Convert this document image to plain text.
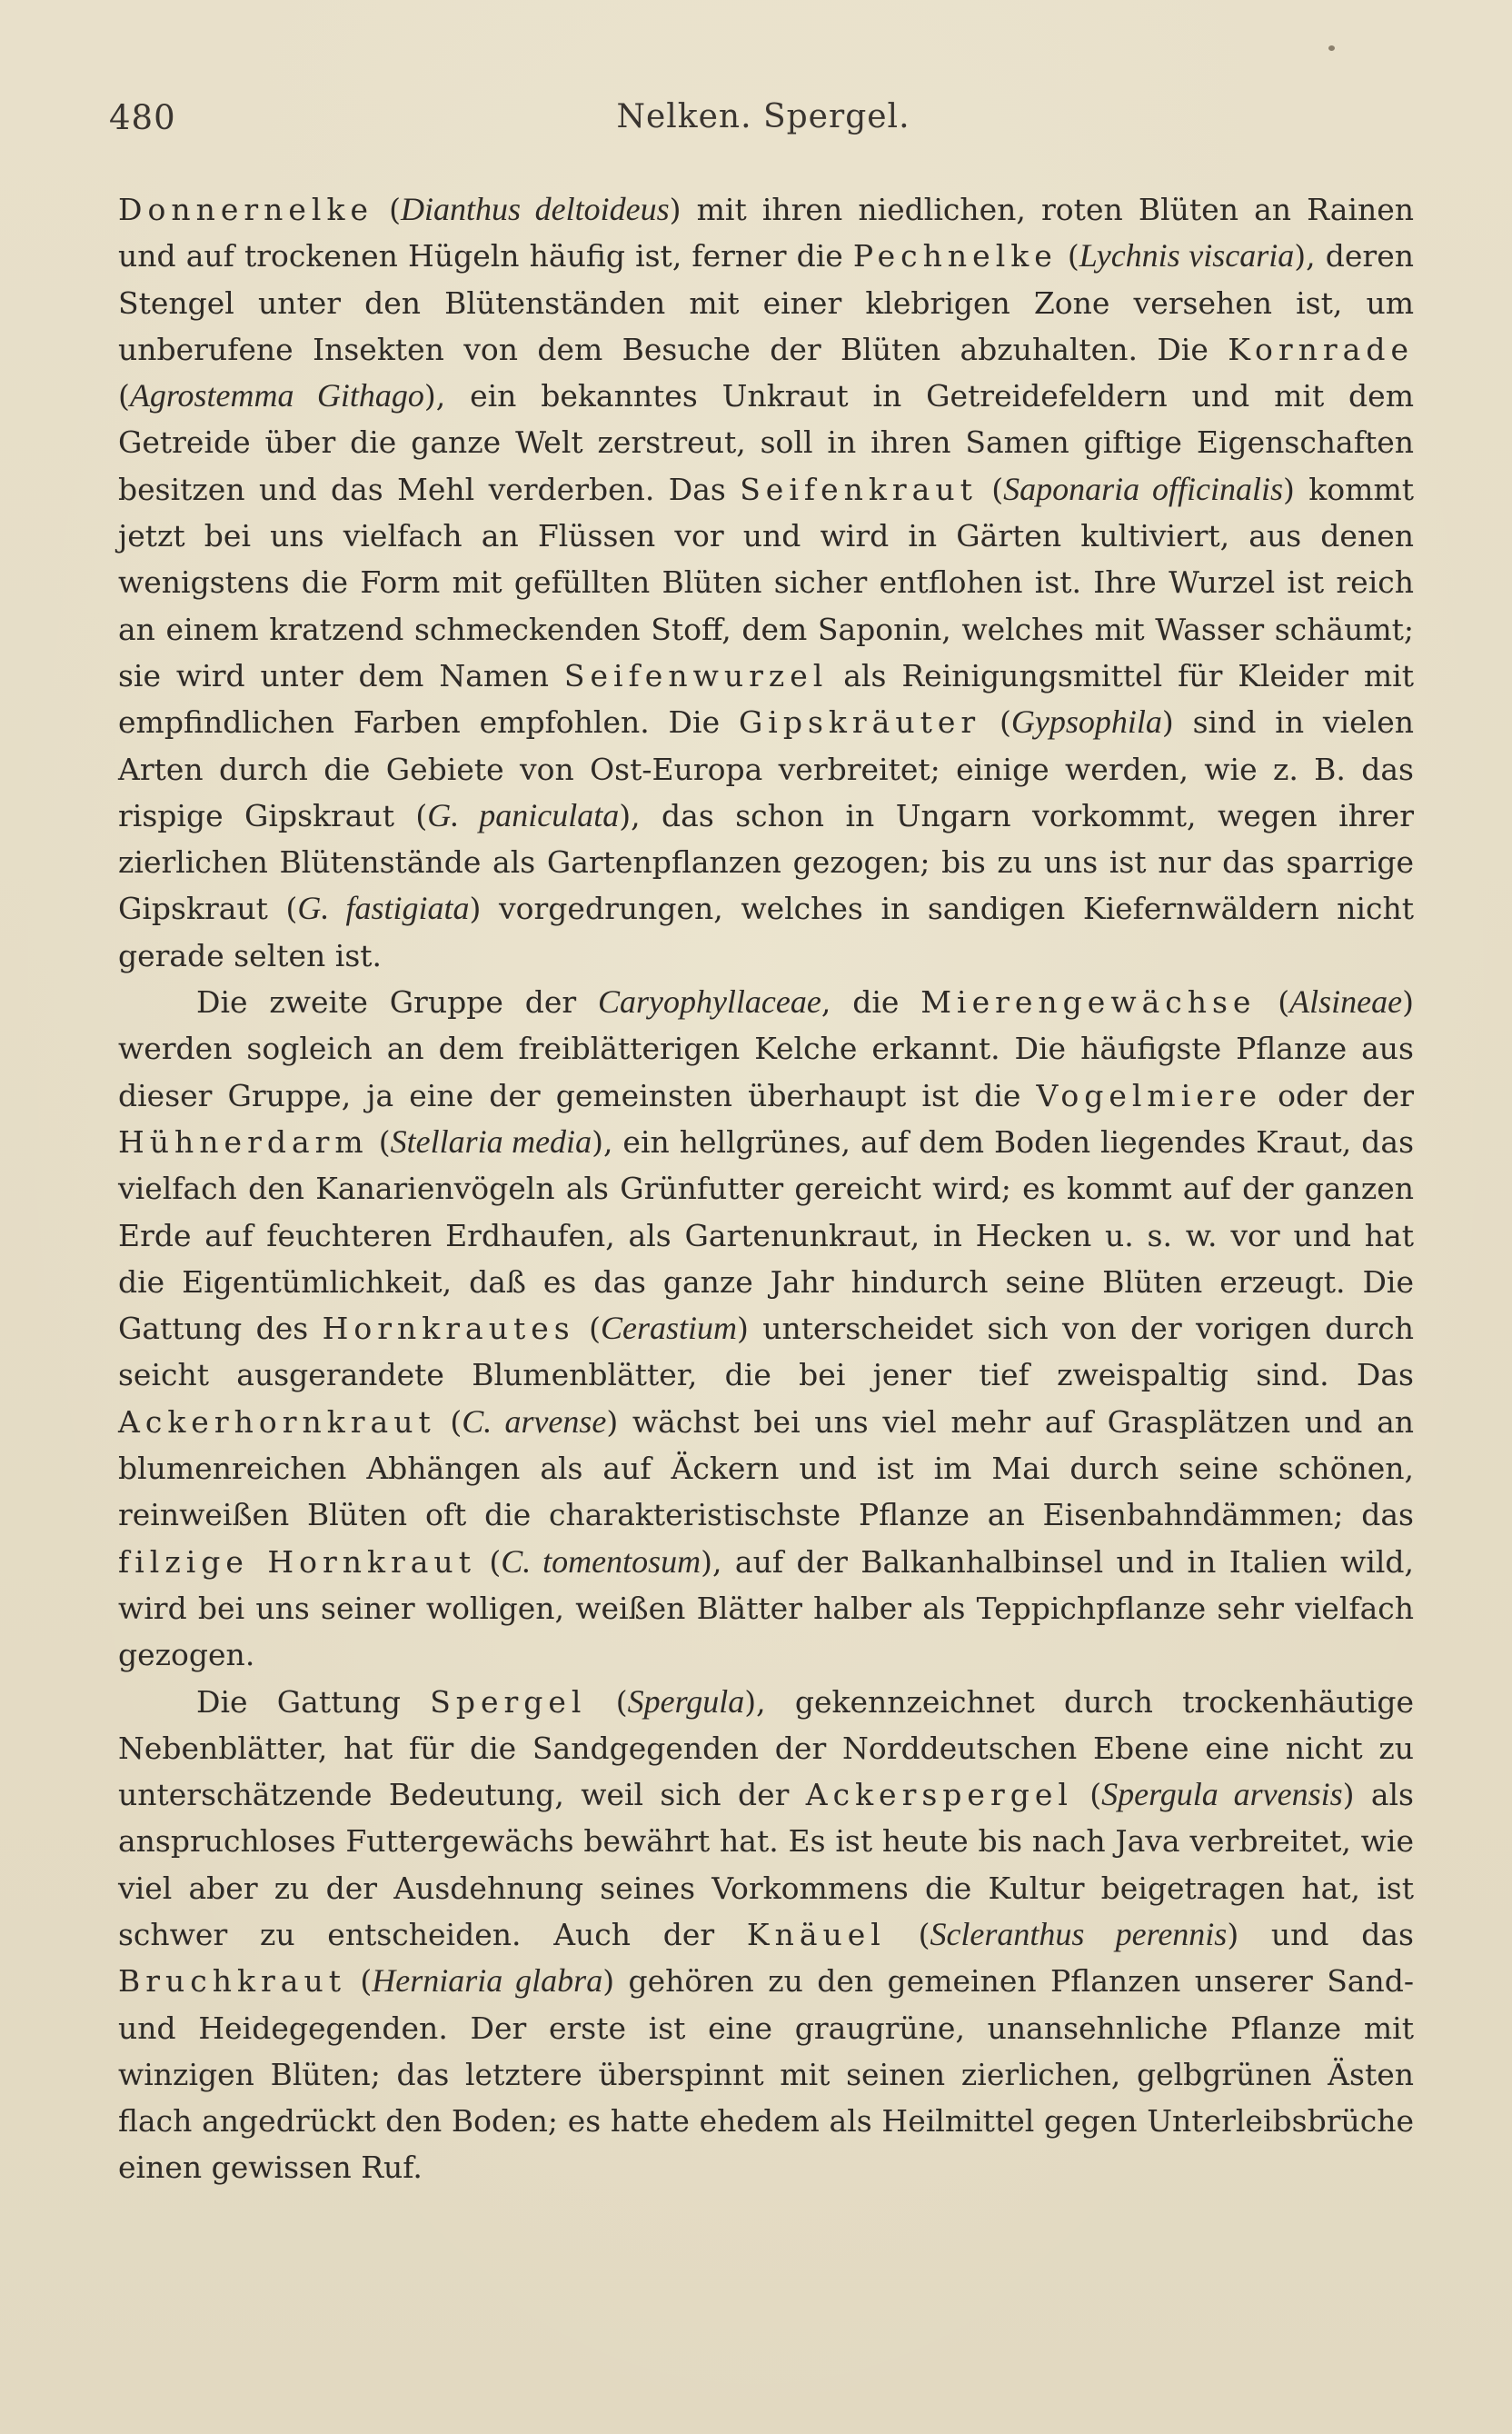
480	Nelken. Spergel.

Donnernelke (Dianthus deltoideus) mit ihren niedlichen, roten Blüten an Rainen und auf trockenen Hügeln häufig ist, ferner die Pechnelke (Lychnis viscaria), deren Stengel unter den Blütenständen mit einer klebrigen Zone versehen ist, um unberufene Insekten von dem Besuche der Blüten abzuhalten. Die Kornrade (Agrostemma Githago), ein bekanntes Unkraut in Getreidefeldern und mit dem Getreide über die ganze Welt zerstreut, soll in ihren Samen giftige Eigenschaften besitzen und das Mehl verderben. Das Seifenkraut (Saponaria officinalis) kommt jetzt bei uns vielfach an Flüssen vor und wird in Gärten kultiviert, aus denen wenigstens die Form mit gefüllten Blüten sicher entflohen ist. Ihre Wurzel ist reich an einem kratzend schmeckenden Stoff, dem Saponin, welches mit Wasser schäumt; sie wird unter dem Namen Seifenwurzel als Reinigungsmittel für Kleider mit empfindlichen Farben empfohlen. Die Gipskräuter (Gypsophila) sind in vielen Arten durch die Gebiete von Ost-Europa verbreitet; einige werden, wie z. B. das rispige Gipskraut (G. paniculata), das schon in Ungarn vorkommt, wegen ihrer zierlichen Blütenstände als Gartenpflanzen gezogen; bis zu uns ist nur das sparrige Gipskraut (G. fastigiata) vorgedrungen, welches in sandigen Kiefernwäldern nicht gerade selten ist.

Die zweite Gruppe der Caryophyllaceae, die Mierengewächse (Alsineae) werden sogleich an dem freiblätterigen Kelche erkannt. Die häufigste Pflanze aus dieser Gruppe, ja eine der gemeinsten überhaupt ist die Vogelmiere oder der Hühnerdarm (Stellaria media), ein hellgrünes, auf dem Boden liegendes Kraut, das vielfach den Kanarienvögeln als Grünfutter gereicht wird; es kommt auf der ganzen Erde auf feuchteren Erdhaufen, als Gartenunkraut, in Hecken u. s. w. vor und hat die Eigentümlichkeit, daß es das ganze Jahr hindurch seine Blüten erzeugt. Die Gattung des Hornkrautes (Cerastium) unterscheidet sich von der vorigen durch seicht ausgerandete Blumenblätter, die bei jener tief zweispaltig sind. Das Ackerhornkraut (C. arvense) wächst bei uns viel mehr auf Grasplätzen und an blumenreichen Abhängen als auf Äckern und ist im Mai durch seine schönen, reinweißen Blüten oft die charakteristischste Pflanze an Eisenbahndämmen; das filzige Hornkraut (C. tomentosum), auf der Balkanhalbinsel und in Italien wild, wird bei uns seiner wolligen, weißen Blätter halber als Teppichpflanze sehr vielfach gezogen.

Die Gattung Spergel (Spergula), gekennzeichnet durch trockenhäutige Nebenblätter, hat für die Sandgegenden der Norddeutschen Ebene eine nicht zu unterschätzende Bedeutung, weil sich der Ackerspergel (Spergula arvensis) als anspruchloses Futtergewächs bewährt hat. Es ist heute bis nach Java verbreitet, wie viel aber zu der Ausdehnung seines Vorkommens die Kultur beigetragen hat, ist schwer zu entscheiden. Auch der Knäuel (Scleranthus perennis) und das Bruchkraut (Herniaria glabra) gehören zu den gemeinen Pflanzen unserer Sand- und Heidegegenden. Der erste ist eine graugrüne, unansehnliche Pflanze mit winzigen Blüten; das letztere überspinnt mit seinen zierlichen, gelbgrünen Ästen flach angedrückt den Boden; es hatte ehedem als Heilmittel gegen Unterleibsbrüche einen gewissen Ruf.
